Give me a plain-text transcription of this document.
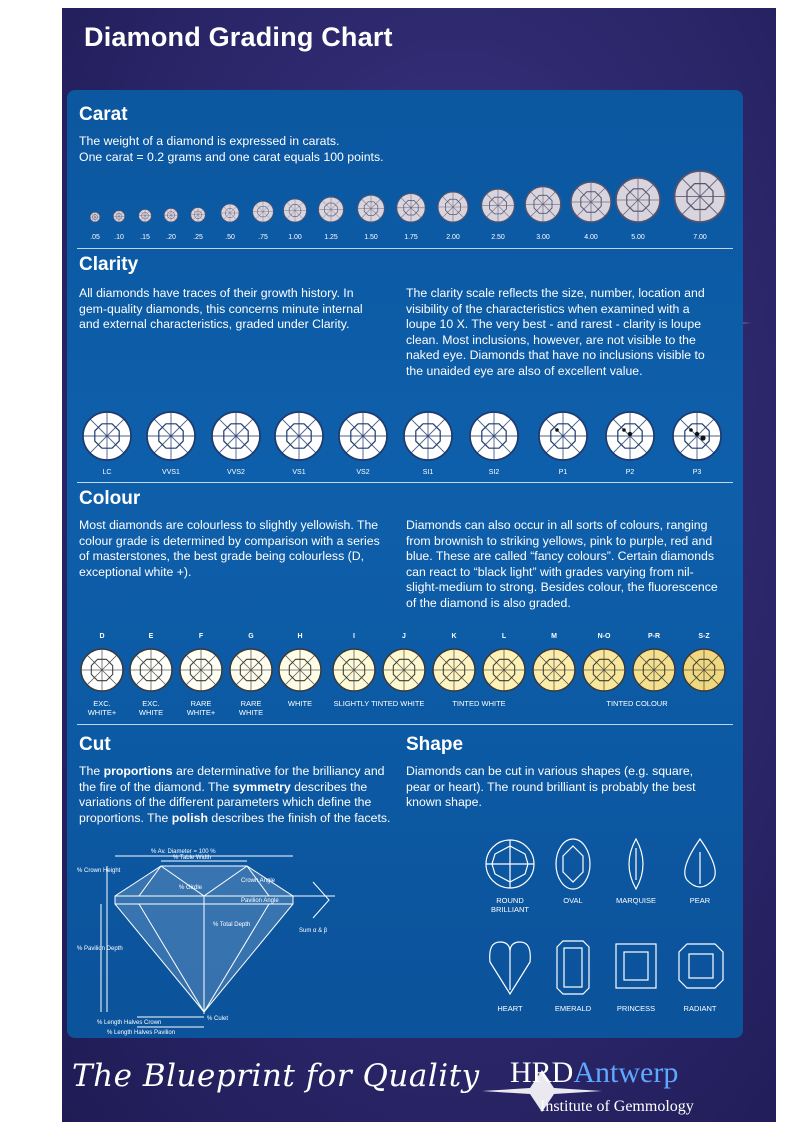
Diamond Grading Chart
Carat

The weight of a diamond is expressed in carats.

One carat = 0.2 grams and one carat equals 100 points.

.05 .10 .15 .20 .25	.50	.75	1.00	1.25	1.50	1.75	2.00	2.50	3.00	4.00	5.00	7.00
Clarity

All diamonds have traces of their growth history. In gem-quality diamonds, this concerns minute internal and external characteristics, graded under Clarity.

The clarity scale reflects the size, number, location and visibility of the characteristics when examined with a loupe 10 X. The very best - and rarest - clarity is loupe clean. Most inclusions, however, are not visible to the naked eye. Diamonds that have no inclusions visible to the unaided eye are also of excellent value.

LC	VVS1	VVS2	VS1	VS2	SI1	SI2	P1	P2	P3
Colour

Most diamonds are colourless to slightly yellowish. The colour grade is determined by comparison with a series of masterstones, the best grade being colourless (D, exceptional white +).

Diamonds can also occur in all sorts of colours, ranging from brownish to striking yellows, pink to purple, red and blue. These are called “fancy colours”. Certain diamonds can react to “black light” with grades varying from nil-slight-medium to strong. Besides colour, the fluorescence of the diamond is also graded.

D	E	F	G	H	I	J	K	L	M	N-O	P-R	S-Z
EXC.
WHITE+
EXC.
WHITE
RARE
WHITE+
RARE
WHITE
WHITE	SLIGHTLY TINTED WHITE	TINTED WHITE	TINTED COLOUR
Cut

The proportions are determinative for the brilliancy and the fire of the diamond. The symmetry describes the variations of the different parameters which define the proportions. The polish describes the finish of the facets.

% Av. Diameter = 100 %
% Table Width
% Crown Height
% Girdle
Crown Angle
Pavilion Angle
% Total Depth
Sum α & β
% Pavilion Depth
% Culet
% Length Halves Crown
% Length Halves Pavilion
Shape

Diamonds can be cut in various shapes (e.g. square, pear or heart). The round brilliant is probably the best known shape.

ROUND
BRILLIANT
OVAL	MARQUISE	PEAR
HEART	EMERALD	PRINCESS	RADIANT
The Blueprint for Quality HRDAntwerp
Institute of Gemmology
